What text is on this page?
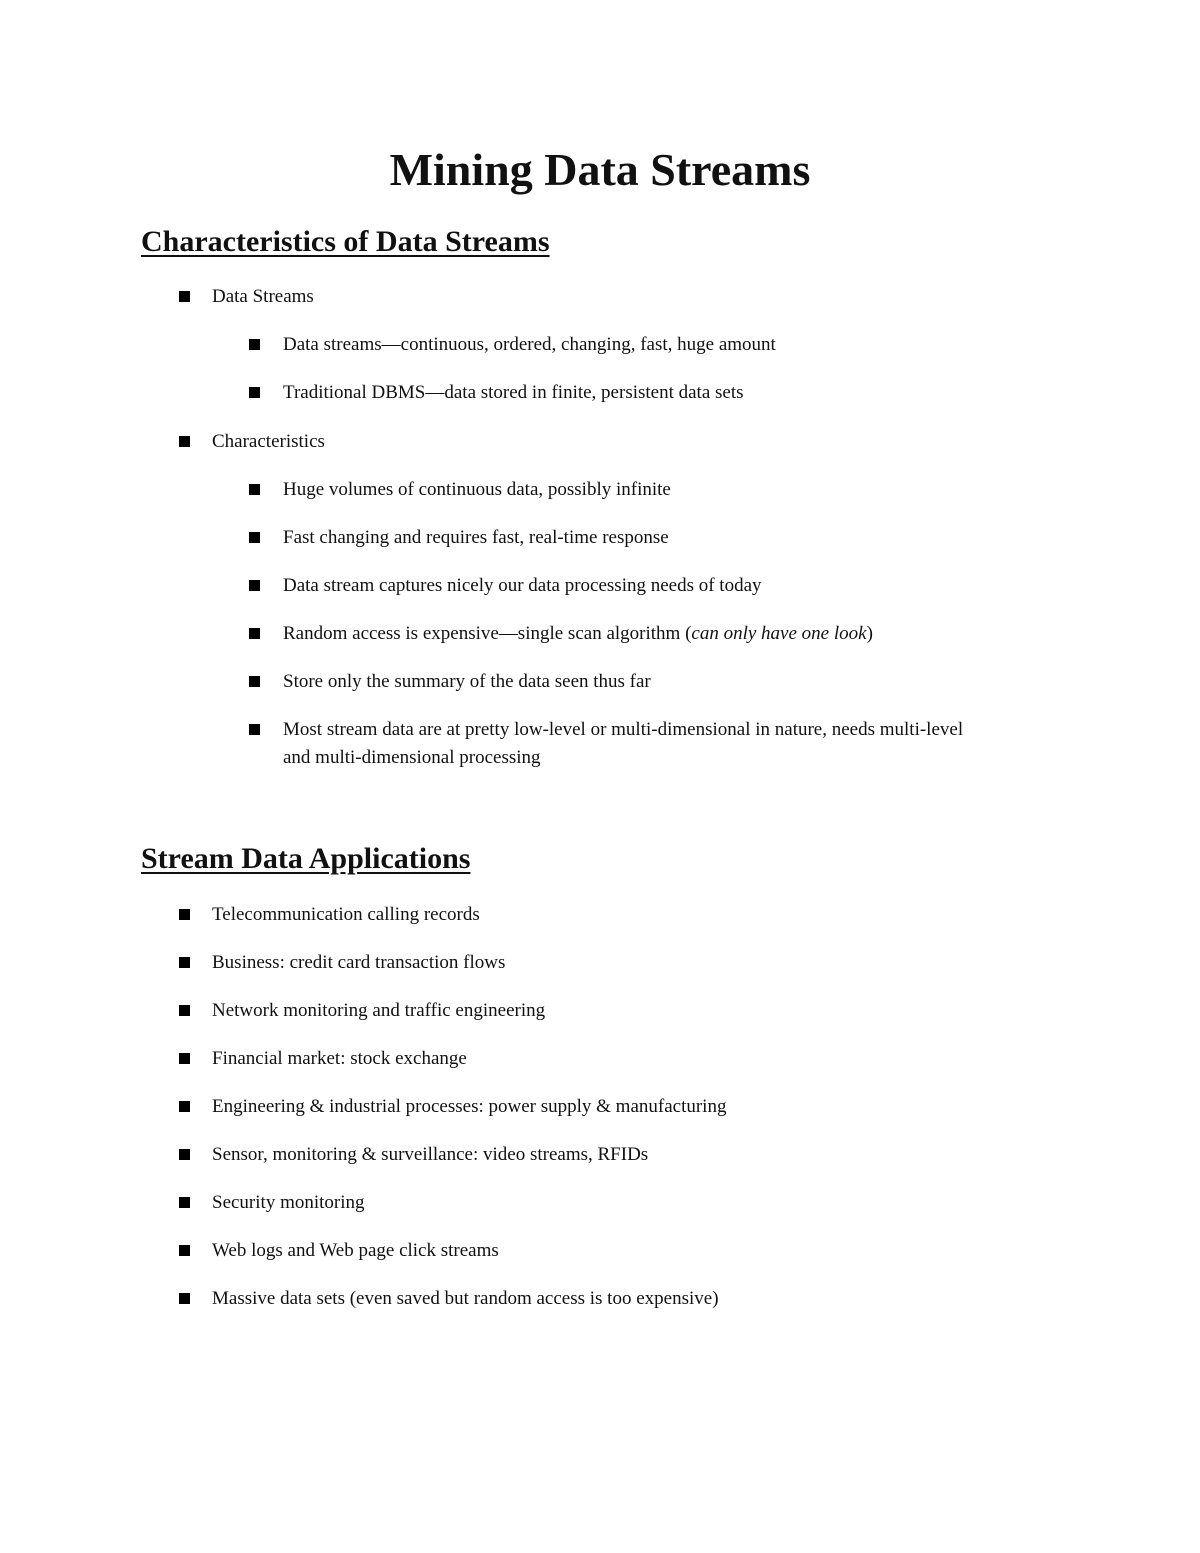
Mining Data Streams
Characteristics of Data Streams
Data Streams
Data streams—continuous, ordered, changing, fast, huge amount
Traditional DBMS—data stored in finite, persistent data sets
Characteristics
Huge volumes of continuous data, possibly infinite
Fast changing and requires fast, real-time response
Data stream captures nicely our data processing needs of today
Random access is expensive—single scan algorithm (can only have one look)
Store only the summary of the data seen thus far
Most stream data are at pretty low-level or multi-dimensional in nature, needs multi-level
and multi-dimensional processing
Stream Data Applications
Telecommunication calling records
Business: credit card transaction flows
Network monitoring and traffic engineering
Financial market: stock exchange
Engineering & industrial processes: power supply & manufacturing
Sensor, monitoring & surveillance: video streams, RFIDs
Security monitoring
Web logs and Web page click streams
Massive data sets (even saved but random access is too expensive)
